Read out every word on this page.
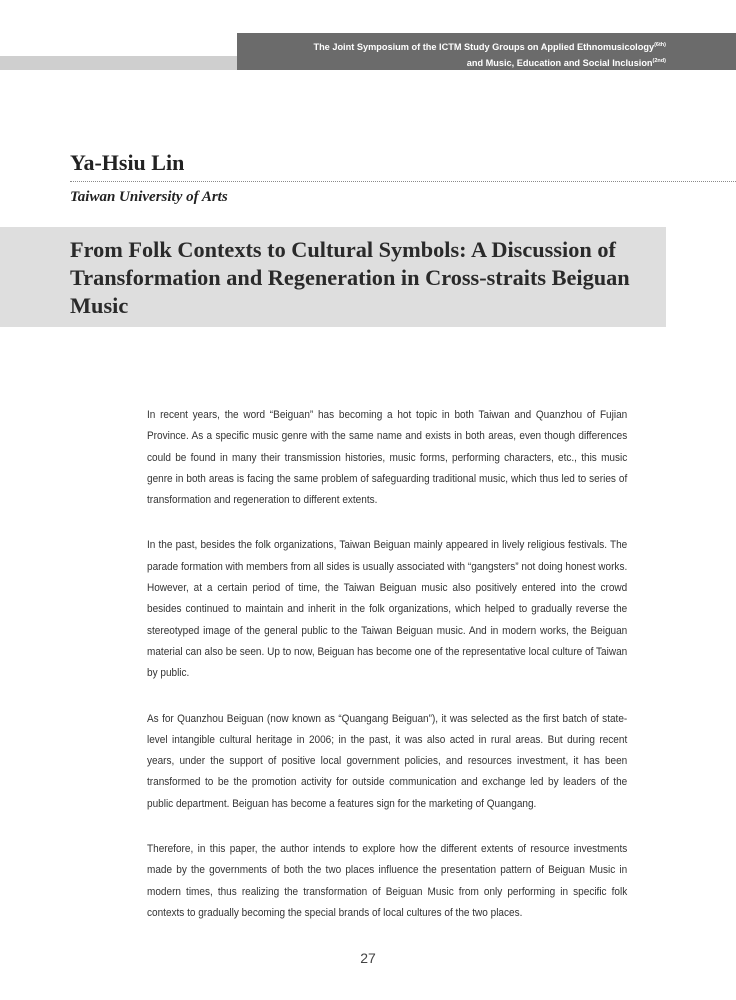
The Joint Symposium of the ICTM Study Groups on Applied Ethnomusicology$^{(6th)}$
and Music, Education and Social Inclusion$^{(2nd)}$
Ya-Hsiu Lin

Taiwan University of Arts

From Folk Contexts to Cultural Symbols: A Discussion of Transformation and Regeneration in Cross-straits Beiguan Music

In recent years, the word “Beiguan” has becoming a hot topic in both Taiwan and Quanzhou of Fujian Province. As a specific music genre with the same name and exists in both areas, even though differences could be found in many their transmission histories, music forms, performing characters, etc., this music genre in both areas is facing the same problem of safeguarding traditional music, which thus led to series of transformation and regeneration to different extents.

In the past, besides the folk organizations, Taiwan Beiguan mainly appeared in lively religious festivals. The parade formation with members from all sides is usually associated with “gangsters” not doing honest works. However, at a certain period of time, the Taiwan Beiguan music also positively entered into the crowd besides continued to maintain and inherit in the folk organizations, which helped to gradually reverse the stereotyped image of the general public to the Taiwan Beiguan music. And in modern works, the Beiguan material can also be seen. Up to now, Beiguan has become one of the representative local culture of Taiwan by public.

As for Quanzhou Beiguan (now known as “Quangang Beiguan”), it was selected as the first batch of state-level intangible cultural heritage in 2006; in the past, it was also acted in rural areas. But during recent years, under the support of positive local government policies, and resources investment, it has been transformed to be the promotion activity for outside communication and exchange led by leaders of the public department. Beiguan has become a features sign for the marketing of Quangang.

Therefore, in this paper, the author intends to explore how the different extents of resource investments made by the governments of both the two places influence the presentation pattern of Beiguan Music in modern times, thus realizing the transformation of Beiguan Music from only performing in specific folk contexts to gradually becoming the special brands of local cultures of the two places.

27
